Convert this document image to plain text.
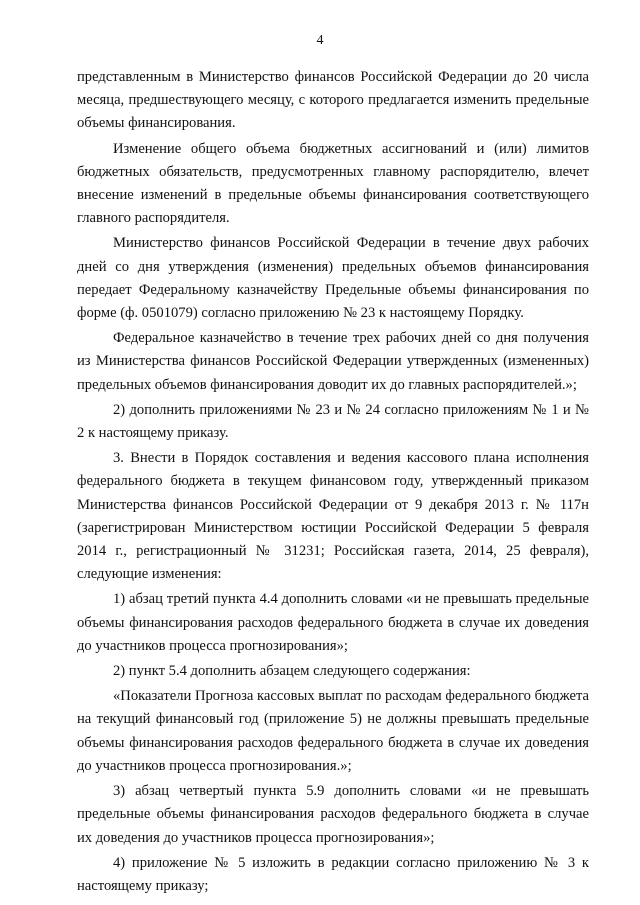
4

представленным в Министерство финансов Российской Федерации до 20 числа месяца, предшествующего месяцу, с которого предлагается изменить предельные объемы финансирования.

Изменение общего объема бюджетных ассигнований и (или) лимитов бюджетных обязательств, предусмотренных главному распорядителю, влечет внесение изменений в предельные объемы финансирования соответствующего главного распорядителя.

Министерство финансов Российской Федерации в течение двух рабочих дней со дня утверждения (изменения) предельных объемов финансирования передает Федеральному казначейству Предельные объемы финансирования по форме (ф. 0501079) согласно приложению № 23 к настоящему Порядку.

Федеральное казначейство в течение трех рабочих дней со дня получения из Министерства финансов Российской Федерации утвержденных (измененных) предельных объемов финансирования доводит их до главных распорядителей.»;

2) дополнить приложениями № 23 и № 24 согласно приложениям № 1 и № 2 к настоящему приказу.

3. Внести в Порядок составления и ведения кассового плана исполнения федерального бюджета в текущем финансовом году, утвержденный приказом Министерства финансов Российской Федерации от 9 декабря 2013 г. № 117н (зарегистрирован Министерством юстиции Российской Федерации 5 февраля 2014 г., регистрационный № 31231; Российская газета, 2014, 25 февраля), следующие изменения:

1) абзац третий пункта 4.4 дополнить словами «и не превышать предельные объемы финансирования расходов федерального бюджета в случае их доведения до участников процесса прогнозирования»;

2) пункт 5.4 дополнить абзацем следующего содержания:

«Показатели Прогноза кассовых выплат по расходам федерального бюджета на текущий финансовый год (приложение 5) не должны превышать предельные объемы финансирования расходов федерального бюджета в случае их доведения до участников процесса прогнозирования.»;

3) абзац четвертый пункта 5.9 дополнить словами «и не превышать предельные объемы финансирования расходов федерального бюджета в случае их доведения до участников процесса прогнозирования»;

4) приложение № 5 изложить в редакции согласно приложению № 3 к настоящему приказу;
